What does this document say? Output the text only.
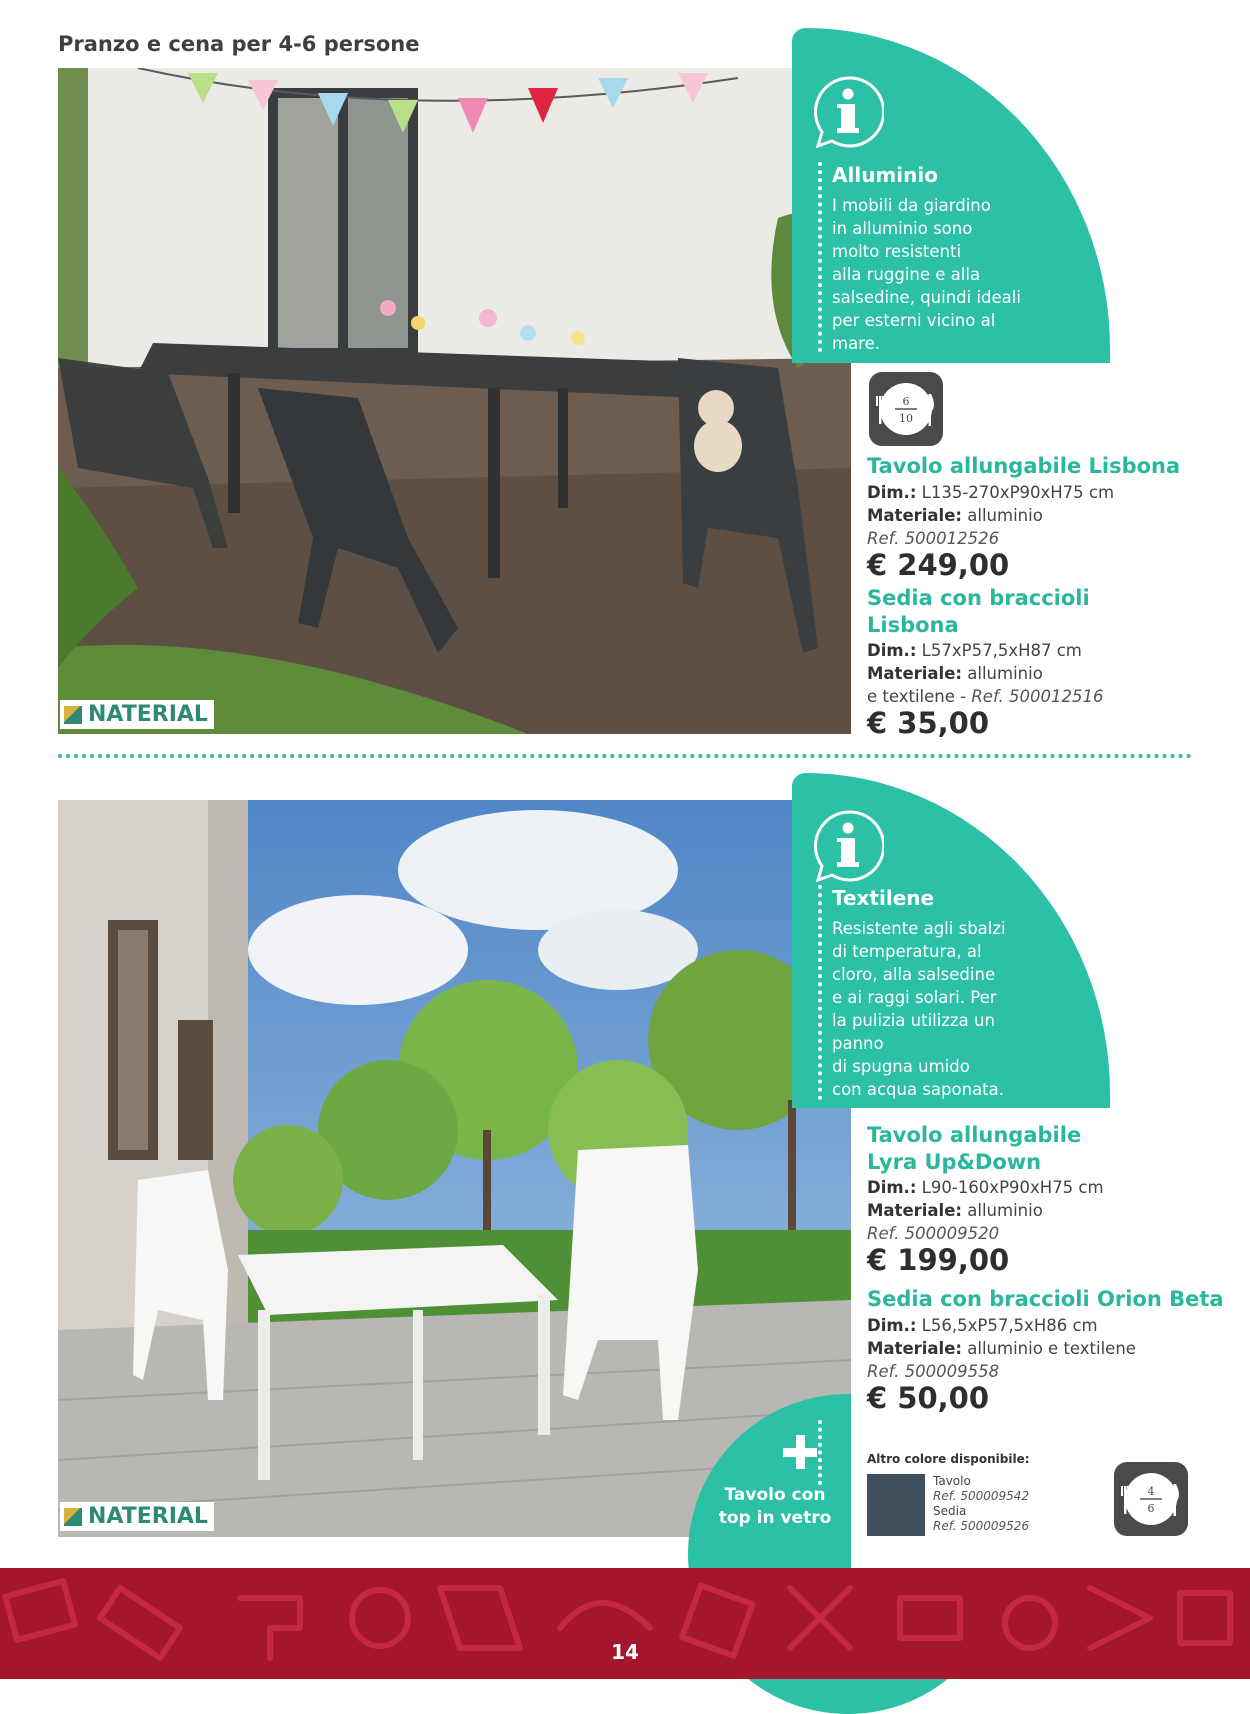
Pranzo e cena per 4-6 persone
NATERIAL
Alluminio
I mobili da giardino
in alluminio sono
molto resistenti
alla ruggine e alla
salsedine, quindi ideali
per esterni vicino al
mare.
6
10
Tavolo allungabile Lisbona
Dim.: L135-270xP90xH75 cm
Materiale: alluminio
Ref. 500012526
€ 249,00
Sedia con braccioli
Lisbona
Dim.: L57xP57,5xH87 cm
Materiale: alluminio
e textilene - Ref. 500012516
€ 35,00
NATERIAL
Tavolo con
top in vetro
Textilene
Resistente agli sbalzi
di temperatura, al
cloro, alla salsedine
e ai raggi solari. Per
la pulizia utilizza un
panno
di spugna umido
con acqua saponata.
Tavolo allungabile
Lyra Up&Down
Dim.: L90-160xP90xH75 cm
Materiale: alluminio
Ref. 500009520
€ 199,00
Sedia con braccioli Orion Beta
Dim.: L56,5xP57,5xH86 cm
Materiale: alluminio e textilene
Ref. 500009558
€ 50,00
Altro colore disponibile:
Tavolo
Ref. 500009542
Sedia
Ref. 500009526
4
6
14
